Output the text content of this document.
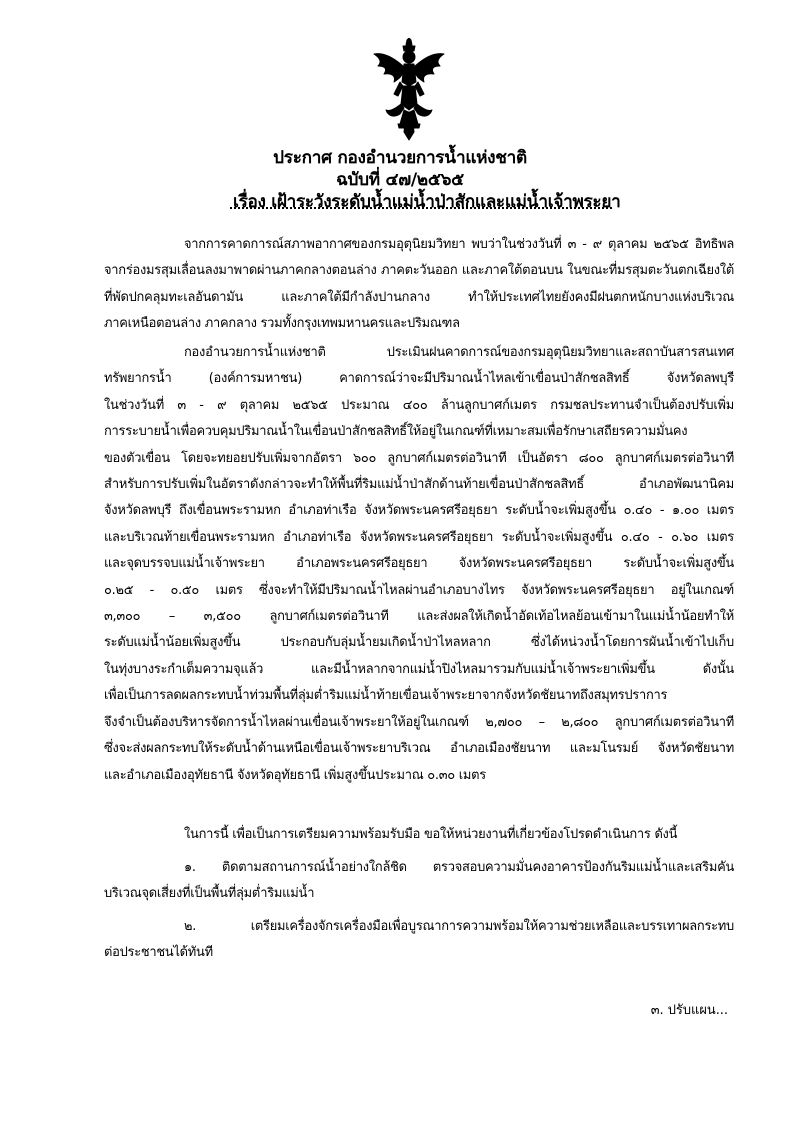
ประกาศ กองอำนวยการน้ำแห่งชาติ
ฉบับที่ ๔๗/๒๕๖๕
เรื่อง เฝ้าระวังระดับน้ำแม่น้ำป่าสักและแม่น้ำเจ้าพระยา
จากการคาดการณ์สภาพอากาศของกรมอุตุนิยมวิทยา พบว่าในช่วงวันที่ ๓ - ๙ ตุลาคม ๒๕๖๕ อิทธิพล
จากร่องมรสุมเลื่อนลงมาพาดผ่านภาคกลางตอนล่าง ภาคตะวันออก และภาคใต้ตอนบน ในขณะที่มรสุมตะวันตกเฉียงใต้
ที่พัดปกคลุมทะเลอันดามัน และภาคใต้มีกำลังปานกลาง ทำให้ประเทศไทยยังคงมีฝนตกหนักบางแห่งบริเวณ
ภาคเหนือตอนล่าง ภาคกลาง รวมทั้งกรุงเทพมหานครและปริมณฑล
กองอำนวยการน้ำแห่งชาติ ประเมินฝนคาดการณ์ของกรมอุตุนิยมวิทยาและสถาบันสารสนเทศ
ทรัพยากรน้ำ (องค์การมหาชน) คาดการณ์ว่าจะมีปริมาณน้ำไหลเข้าเขื่อนป่าสักชลสิทธิ์ จังหวัดลพบุรี
ในช่วงวันที่ ๓ - ๙ ตุลาคม ๒๕๖๕ ประมาณ ๔๐๐ ล้านลูกบาศก์เมตร กรมชลประทานจำเป็นต้องปรับเพิ่ม
การระบายน้ำเพื่อควบคุมปริมาณน้ำในเขื่อนป่าสักชลสิทธิ์ให้อยู่ในเกณฑ์ที่เหมาะสมเพื่อรักษาเสถียรความมั่นคง
ของตัวเขื่อน โดยจะทยอยปรับเพิ่มจากอัตรา ๖๐๐ ลูกบาศก์เมตรต่อวินาที เป็นอัตรา ๘๐๐ ลูกบาศก์เมตรต่อวินาที
สำหรับการปรับเพิ่มในอัตราดังกล่าวจะทำให้พื้นที่ริมแม่น้ำป่าสักด้านท้ายเขื่อนป่าสักชลสิทธิ์ อำเภอพัฒนานิคม
จังหวัดลพบุรี ถึงเขื่อนพระรามหก อำเภอท่าเรือ จังหวัดพระนครศรีอยุธยา ระดับน้ำจะเพิ่มสูงขึ้น ๐.๔๐ - ๑.๐๐ เมตร
และบริเวณท้ายเขื่อนพระรามหก อำเภอท่าเรือ จังหวัดพระนครศรีอยุธยา ระดับน้ำจะเพิ่มสูงขึ้น ๐.๔๐ - ๐.๖๐ เมตร
และจุดบรรจบแม่น้ำเจ้าพระยา อำเภอพระนครศรีอยุธยา จังหวัดพระนครศรีอยุธยา ระดับน้ำจะเพิ่มสูงขึ้น
๐.๒๕ - ๐.๕๐ เมตร ซึ่งจะทำให้มีปริมาณน้ำไหลผ่านอำเภอบางไทร จังหวัดพระนครศรีอยุธยา อยู่ในเกณฑ์
๓,๓๐๐ – ๓,๕๐๐ ลูกบาศก์เมตรต่อวินาที และส่งผลให้เกิดน้ำอัดเท้อไหลย้อนเข้ามาในแม่น้ำน้อยทำให้
ระดับแม่น้ำน้อยเพิ่มสูงขึ้น ประกอบกับลุ่มน้ำยมเกิดน้ำป่าไหลหลาก ซึ่งได้หน่วงน้ำโดยการผันน้ำเข้าไปเก็บ
ในทุ่งบางระกำเต็มความจุแล้ว และมีน้ำหลากจากแม่น้ำปิงไหลมารวมกับแม่น้ำเจ้าพระยาเพิ่มขึ้น ดังนั้น
เพื่อเป็นการลดผลกระทบน้ำท่วมพื้นที่ลุ่มต่ำริมแม่น้ำท้ายเขื่อนเจ้าพระยาจากจังหวัดชัยนาทถึงสมุทรปราการ
จึงจำเป็นต้องบริหารจัดการน้ำไหลผ่านเขื่อนเจ้าพระยาให้อยู่ในเกณฑ์ ๒,๗๐๐ – ๒,๘๐๐ ลูกบาศก์เมตรต่อวินาที
ซึ่งจะส่งผลกระทบให้ระดับน้ำด้านเหนือเขื่อนเจ้าพระยาบริเวณ อำเภอเมืองชัยนาท และมโนรมย์ จังหวัดชัยนาท
และอำเภอเมืองอุทัยธานี จังหวัดอุทัยธานี เพิ่มสูงขึ้นประมาณ ๐.๓๐ เมตร
ในการนี้ เพื่อเป็นการเตรียมความพร้อมรับมือ ขอให้หน่วยงานที่เกี่ยวข้องโปรดดำเนินการ ดังนี้
๑. ติดตามสถานการณ์น้ำอย่างใกล้ชิด ตรวจสอบความมั่นคงอาคารป้องกันริมแม่น้ำและเสริมคัน
บริเวณจุดเสี่ยงที่เป็นพื้นที่ลุ่มต่ำริมแม่น้ำ
๒. เตรียมเครื่องจักรเครื่องมือเพื่อบูรณาการความพร้อมให้ความช่วยเหลือและบรรเทาผลกระทบ
ต่อประชาชนได้ทันที
๓. ปรับแผน...
